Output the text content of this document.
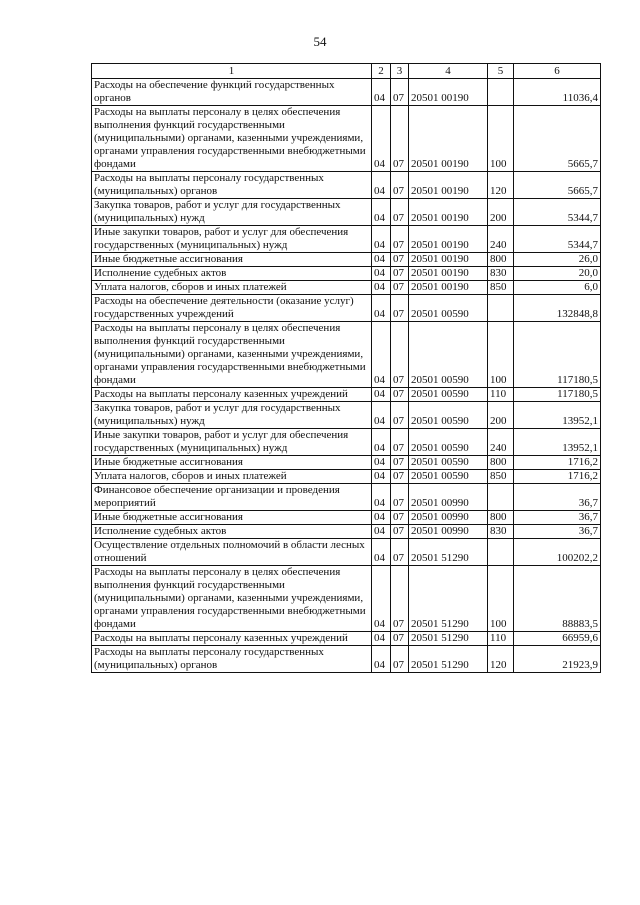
54
1	2	3	4	5	6
Расходы на обеспечение функций государственных органов	04	07	20501 00190		11036,4
Расходы на выплаты персоналу в целях обеспечения выполнения функций государственными (муниципальными) органами, казенными учреждениями, органами управления государственными внебюджетными фондами	04	07	20501 00190	100	5665,7
Расходы на выплаты персоналу государственных (муниципальных) органов	04	07	20501 00190	120	5665,7
Закупка товаров, работ и услуг для государственных (муниципальных) нужд	04	07	20501 00190	200	5344,7
Иные закупки товаров, работ и услуг для обеспечения государственных (муниципальных) нужд	04	07	20501 00190	240	5344,7
Иные бюджетные ассигнования	04	07	20501 00190	800	26,0
Исполнение судебных актов	04	07	20501 00190	830	20,0
Уплата налогов, сборов и иных платежей	04	07	20501 00190	850	6,0
Расходы на обеспечение деятельности (оказание услуг) государственных учреждений	04	07	20501 00590		132848,8
Расходы на выплаты персоналу в целях обеспечения выполнения функций государственными (муниципальными) органами, казенными учреждениями, органами управления государственными внебюджетными фондами	04	07	20501 00590	100	117180,5
Расходы на выплаты персоналу казенных учреждений	04	07	20501 00590	110	117180,5
Закупка товаров, работ и услуг для государственных (муниципальных) нужд	04	07	20501 00590	200	13952,1
Иные закупки товаров, работ и услуг для обеспечения государственных (муниципальных) нужд	04	07	20501 00590	240	13952,1
Иные бюджетные ассигнования	04	07	20501 00590	800	1716,2
Уплата налогов, сборов и иных платежей	04	07	20501 00590	850	1716,2
Финансовое обеспечение организации и проведения мероприятий	04	07	20501 00990		36,7
Иные бюджетные ассигнования	04	07	20501 00990	800	36,7
Исполнение судебных актов	04	07	20501 00990	830	36,7
Осуществление отдельных полномочий в области лесных отношений	04	07	20501 51290		100202,2
Расходы на выплаты персоналу в целях обеспечения выполнения функций государственными (муниципальными) органами, казенными учреждениями, органами управления государственными внебюджетными фондами	04	07	20501 51290	100	88883,5
Расходы на выплаты персоналу казенных учреждений	04	07	20501 51290	110	66959,6
Расходы на выплаты персоналу государственных (муниципальных) органов	04	07	20501 51290	120	21923,9
